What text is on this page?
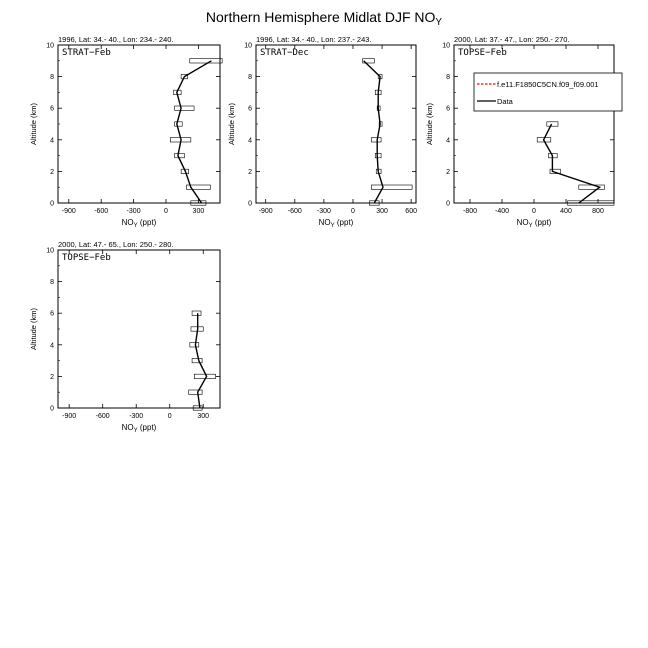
Northern Hemisphere Midlat DJF $NO_Y$
1996, Lat: 34.- 40., Lon: 234.- 240.
0
2
4
6
8
10
-900	-600	-300	0	300
$NO_Y$ (ppt)
Altitude (km)
STRAT−Feb
1996, Lat: 34.- 40., Lon: 237.- 243.
0
2
4
6
8
10
-900 -600 -300	0	300 600
$NO_Y$ (ppt)
Altitude (km)
STRAT−Dec
2000, Lat: 37.- 47., Lon: 250.- 270.
0
2
4
6
8
10
-800	-400	0	400	800
$NO_Y$ (ppt)
Altitude (km)
TOPSE−Feb
f.e11.F1850C5CN.f09_f09.001
Data
2000, Lat: 47.- 65., Lon: 250.- 280.
0
2
4
6
8
10
-900	-600	-300	0	300
$NO_Y$ (ppt)
Altitude (km)
TOPSE−Feb
